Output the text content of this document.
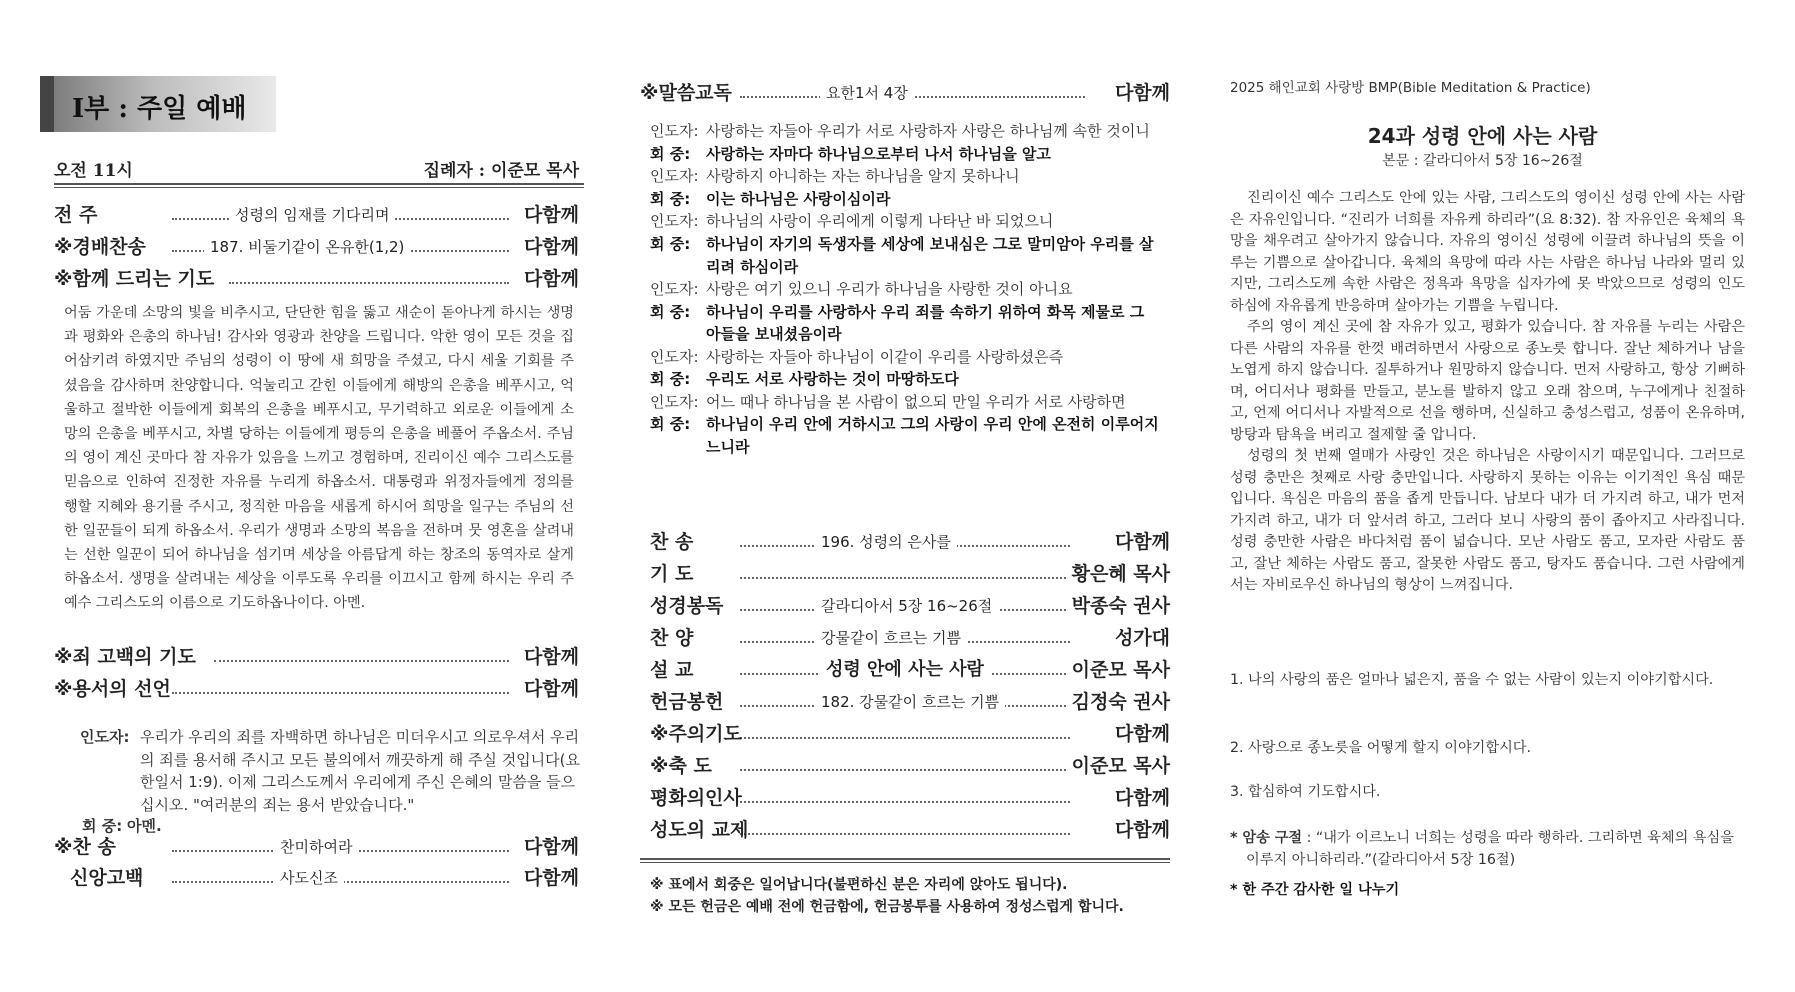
I부 : 주일 예배
오전 11시	집례자 : 이준모 목사
전 주	성령의 임재를 기다리며	다함께
※경배찬송	187. 비둘기같이 온유한(1,2)	다함께
※함께 드리는 기도	다함께
어둠 가운데 소망의 빛을 비추시고, 단단한 힘을 뚫고 새순이 돋아나게 하시는 생명과 평화와 은총의 하나님! 감사와 영광과 찬양을 드립니다. 악한 영이 모든 것을 집어삼키려 하였지만 주님의 성령이 이 땅에 새 희망을 주셨고, 다시 세울 기회를 주셨음을 감사하며 찬양합니다. 억눌리고 갇힌 이들에게 해방의 은총을 베푸시고, 억울하고 절박한 이들에게 회복의 은총을 베푸시고, 무기력하고 외로운 이들에게 소망의 은총을 베푸시고, 차별 당하는 이들에게 평등의 은총을 베풀어 주옵소서. 주님의 영이 계신 곳마다 참 자유가 있음을 느끼고 경험하며, 진리이신 예수 그리스도를 믿음으로 인하여 진정한 자유를 누리게 하옵소서. 대통령과 위정자들에게 정의를 행할 지혜와 용기를 주시고, 정직한 마음을 새롭게 하시어 희망을 일구는 주님의 선한 일꾼들이 되게 하옵소서. 우리가 생명과 소망의 복음을 전하며 뭇 영혼을 살려내는 선한 일꾼이 되어 하나님을 섬기며 세상을 아름답게 하는 창조의 동역자로 살게 하옵소서. 생명을 살려내는 세상을 이루도록 우리를 이끄시고 함께 하시는 우리 주 예수 그리스도의 이름으로 기도하옵나이다. 아멘.
※죄 고백의 기도	다함께
※용서의 선언	다함께
인도자: 우리가 우리의 죄를 자백하면 하나님은 미더우시고 의로우셔서 우리의 죄를 용서해 주시고 모든 불의에서 깨끗하게 해 주실 것입니다(요한일서 1:9). 이제 그리스도께서 우리에게 주신 은혜의 말씀을 들으십시오. "여러분의 죄는 용서 받았습니다."
회 중: 아멘.
※찬 송	찬미하여라	다함께
신앙고백	사도신조	다함께
※말씀교독	요한1서 4장	다함께
인도자: 사랑하는 자들아 우리가 서로 사랑하자 사랑은 하나님께 속한 것이니
회 중: 사랑하는 자마다 하나님으로부터 나서 하나님을 알고
인도자: 사랑하지 아니하는 자는 하나님을 알지 못하나니
회 중: 이는 하나님은 사랑이심이라
인도자: 하나님의 사랑이 우리에게 이렇게 나타난 바 되었으니
회 중: 하나님이 자기의 독생자를 세상에 보내심은 그로 말미암아 우리를 살리려 하심이라
인도자: 사랑은 여기 있으니 우리가 하나님을 사랑한 것이 아니요
회 중: 하나님이 우리를 사랑하사 우리 죄를 속하기 위하여 화목 제물로 그 아들을 보내셨음이라
인도자: 사랑하는 자들아 하나님이 이같이 우리를 사랑하셨은즉
회 중: 우리도 서로 사랑하는 것이 마땅하도다
인도자: 어느 때나 하나님을 본 사람이 없으되 만일 우리가 서로 사랑하면
회 중: 하나님이 우리 안에 거하시고 그의 사랑이 우리 안에 온전히 이루어지느니라
찬 송	196. 성령의 은사를	다함께
기 도	황은혜 목사
성경봉독	갈라디아서 5장 16~26절	박종숙 권사
찬 양	강물같이 흐르는 기쁨	성가대
설 교	성령 안에 사는 사람	이준모 목사
헌금봉헌	182. 강물같이 흐르는 기쁨	김정숙 권사
※주의기도	다함께
※축 도	이준모 목사
평화의인사	다함께
성도의 교제	다함께
※ 표에서 회중은 일어납니다(불편하신 분은 자리에 앉아도 됩니다).
※ 모든 헌금은 예배 전에 헌금함에, 헌금봉투를 사용하여 정성스럽게 합니다.
2025 해인교회 사랑방 BMP(Bible Meditation & Practice)
24과 성령 안에 사는 사람
본문 : 갈라디아서 5장 16~26절

진리이신 예수 그리스도 안에 있는 사람, 그리스도의 영이신 성령 안에 사는 사람은 자유인입니다. “진리가 너희를 자유케 하리라”(요 8:32). 참 자유인은 육체의 욕망을 채우려고 살아가지 않습니다. 자유의 영이신 성령에 이끌려 하나님의 뜻을 이루는 기쁨으로 살아갑니다. 육체의 욕망에 따라 사는 사람은 하나님 나라와 멀리 있지만, 그리스도께 속한 사람은 정욕과 욕망을 십자가에 못 박았으므로 성령의 인도하심에 자유롭게 반응하며 살아가는 기쁨을 누립니다.

주의 영이 계신 곳에 참 자유가 있고, 평화가 있습니다. 참 자유를 누리는 사람은 다른 사람의 자유를 한껏 배려하면서 사랑으로 종노릇 합니다. 잘난 체하거나 남을 노엽게 하지 않습니다. 질투하거나 원망하지 않습니다. 먼저 사랑하고, 항상 기뻐하며, 어디서나 평화를 만들고, 분노를 발하지 않고 오래 참으며, 누구에게나 친절하고, 언제 어디서나 자발적으로 선을 행하며, 신실하고 충성스럽고, 성품이 온유하며, 방탕과 탐욕을 버리고 절제할 줄 압니다.

성령의 첫 번째 열매가 사랑인 것은 하나님은 사랑이시기 때문입니다. 그러므로 성령 충만은 첫째로 사랑 충만입니다. 사랑하지 못하는 이유는 이기적인 욕심 때문입니다. 욕심은 마음의 품을 좁게 만듭니다. 남보다 내가 더 가지려 하고, 내가 먼저 가지려 하고, 내가 더 앞서려 하고, 그러다 보니 사랑의 품이 좁아지고 사라집니다. 성령 충만한 사람은 바다처럼 품이 넓습니다. 모난 사람도 품고, 모자란 사람도 품고, 잘난 체하는 사람도 품고, 잘못한 사람도 품고, 탕자도 품습니다. 그런 사람에게서는 자비로우신 하나님의 형상이 느껴집니다.

1. 나의 사랑의 품은 얼마나 넓은지, 품을 수 없는 사람이 있는지 이야기합시다.
2. 사랑으로 종노릇을 어떻게 할지 이야기합시다.
3. 합심하여 기도합시다.
* 암송 구절 : “내가 이르노니 너희는 성령을 따라 행하라. 그리하면 육체의 욕심을 이루지 아니하리라.”(갈라디아서 5장 16절)
* 한 주간 감사한 일 나누기
